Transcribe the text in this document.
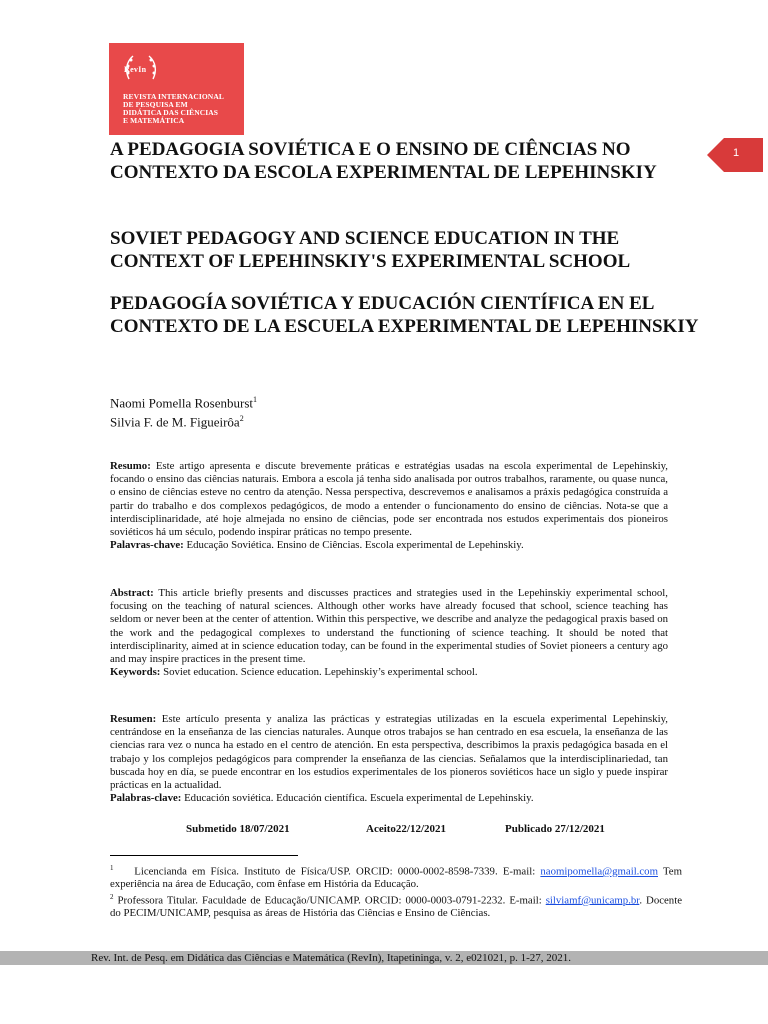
RevIn
REVISTA INTERNACIONAL
DE PESQUISA EM
DIDÁTICA DAS CIÊNCIAS
E MATEMÁTICA
1
A PEDAGOGIA SOVIÉTICA E O ENSINO DE CIÊNCIAS NO CONTEXTO DA ESCOLA EXPERIMENTAL DE LEPEHINSKIY
SOVIET PEDAGOGY AND SCIENCE EDUCATION IN THE CONTEXT OF LEPEHINSKIY'S EXPERIMENTAL SCHOOL
PEDAGOGÍA SOVIÉTICA Y EDUCACIÓN CIENTÍFICA EN EL CONTEXTO DE LA ESCUELA EXPERIMENTAL DE LEPEHINSKIY
Naomi Pomella Rosenburst$^1$
Silvia F. de M. Figueirôa$^2$

Resumo: Este artigo apresenta e discute brevemente práticas e estratégias usadas na escola experimental de Lepehinskiy, focando o ensino das ciências naturais. Embora a escola já tenha sido analisada por outros trabalhos, raramente, ou quase nunca, o ensino de ciências esteve no centro da atenção. Nessa perspectiva, descrevemos e analisamos a práxis pedagógica construída a partir do trabalho e dos complexos pedagógicos, de modo a entender o funcionamento do ensino de ciências. Nota-se que a interdisciplinaridade, até hoje almejada no ensino de ciências, pode ser encontrada nos estudos experimentais dos pioneiros soviéticos há um século, podendo inspirar práticas no tempo presente.

Palavras-chave: Educação Soviética. Ensino de Ciências. Escola experimental de Lepehinskiy.

Abstract: This article briefly presents and discusses practices and strategies used in the Lepehinskiy experimental school, focusing on the teaching of natural sciences. Although other works have already focused that school, science teaching has seldom or never been at the center of attention. Within this perspective, we describe and analyze the pedagogical praxis based on the work and the pedagogical complexes to understand the functioning of science teaching. It should be noted that interdisciplinarity, aimed at in science education today, can be found in the experimental studies of Soviet pioneers a century ago and may inspire practices in the present time.

Keywords: Soviet education. Science education. Lepehinskiy’s experimental school.

Resumen: Este artículo presenta y analiza las prácticas y estrategias utilizadas en la escuela experimental Lepehinskiy, centrándose en la enseñanza de las ciencias naturales. Aunque otros trabajos se han centrado en esa escuela, la enseñanza de las ciencias rara vez o nunca ha estado en el centro de atención. En esta perspectiva, describimos la praxis pedagógica basada en el trabajo y los complejos pedagógicos para comprender la enseñanza de las ciencias. Señalamos que la interdisciplinariedad, tan buscada hoy en día, se puede encontrar en los estudios experimentales de los pioneros soviéticos hace un siglo y puede inspirar prácticas en la actualidad.

Palabras-clave: Educación soviética. Educación científica. Escuela experimental de Lepehinskiy.

Submetido 18/07/2021	Aceito22/12/2021	Publicado 27/12/2021

$^1$ Licencianda em Física. Instituto de Física/USP. ORCID: 0000-0002-8598-7339. E-mail: naomipomella@gmail.com Tem experiência na área de Educação, com ênfase em História da Educação.

$^2$ Professora Titular. Faculdade de Educação/UNICAMP. ORCID: 0000-0003-0791-2232. E-mail: silviamf@unicamp.br. Docente do PECIM/UNICAMP, pesquisa as áreas de História das Ciências e Ensino de Ciências.

Rev. Int. de Pesq. em Didática das Ciências e Matemática (RevIn), Itapetininga, v. 2, e021021, p. 1-27, 2021.
